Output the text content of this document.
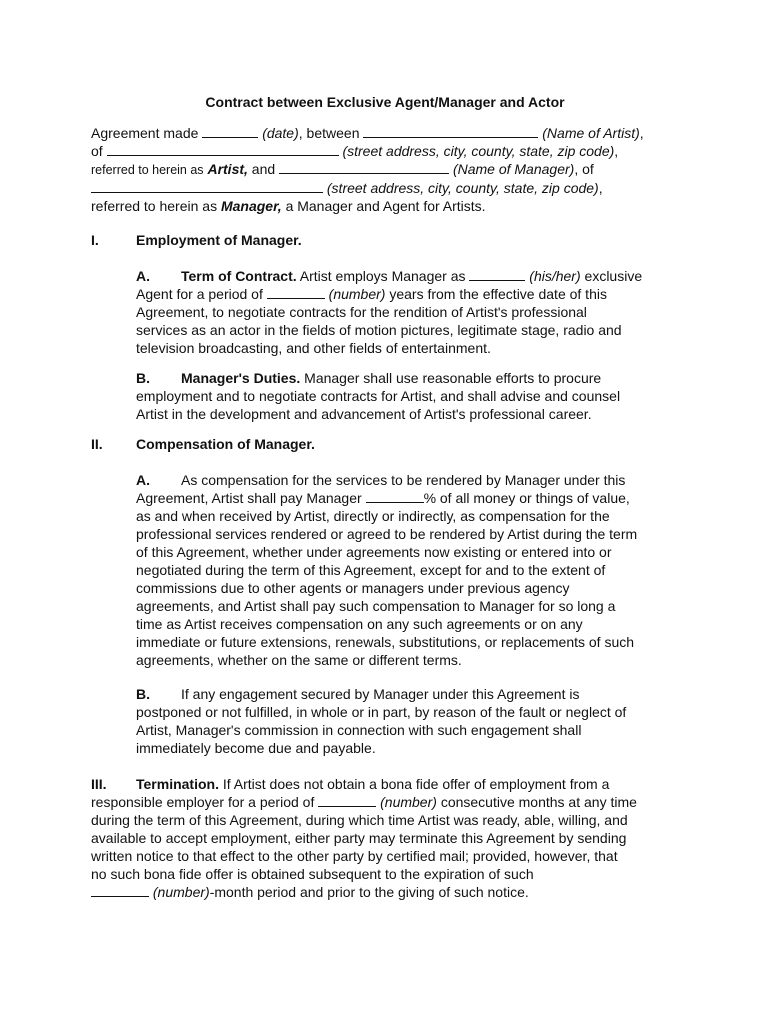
Contract between Exclusive Agent/Manager and Actor
Agreement made	(date), between	(Name of Artist),
of	(street address, city, county, state, zip code),
referred to herein as Artist, and	(Name of Manager), of
(street address, city, county, state, zip code),
referred to herein as Manager, a Manager and Agent for Artists.
I.	Employment of Manager.
A. Term of Contract. Artist employs Manager as	(his/her) exclusive
Agent for a period of	(number) years from the effective date of this
Agreement, to negotiate contracts for the rendition of Artist's professional
services as an actor in the fields of motion pictures, legitimate stage, radio and
television broadcasting, and other fields of entertainment.
B. Manager's Duties. Manager shall use reasonable efforts to procure
employment and to negotiate contracts for Artist, and shall advise and counsel
Artist in the development and advancement of Artist's professional career.
II. Compensation of Manager.
A. As compensation for the services to be rendered by Manager under this
Agreement, Artist shall pay Manager	% of all money or things of value,
as and when received by Artist, directly or indirectly, as compensation for the
professional services rendered or agreed to be rendered by Artist during the term
of this Agreement, whether under agreements now existing or entered into or
negotiated during the term of this Agreement, except for and to the extent of
commissions due to other agents or managers under previous agency
agreements, and Artist shall pay such compensation to Manager for so long a
time as Artist receives compensation on any such agreements or on any
immediate or future extensions, renewals, substitutions, or replacements of such
agreements, whether on the same or different terms.
B. If any engagement secured by Manager under this Agreement is
postponed or not fulfilled, in whole or in part, by reason of the fault or neglect of
Artist, Manager's commission in connection with such engagement shall
immediately become due and payable.
III. Termination. If Artist does not obtain a bona fide offer of employment from a
responsible employer for a period of	(number) consecutive months at any time
during the term of this Agreement, during which time Artist was ready, able, willing, and
available to accept employment, either party may terminate this Agreement by sending
written notice to that effect to the other party by certified mail; provided, however, that
no such bona fide offer is obtained subsequent to the expiration of such
(number)-month period and prior to the giving of such notice.
